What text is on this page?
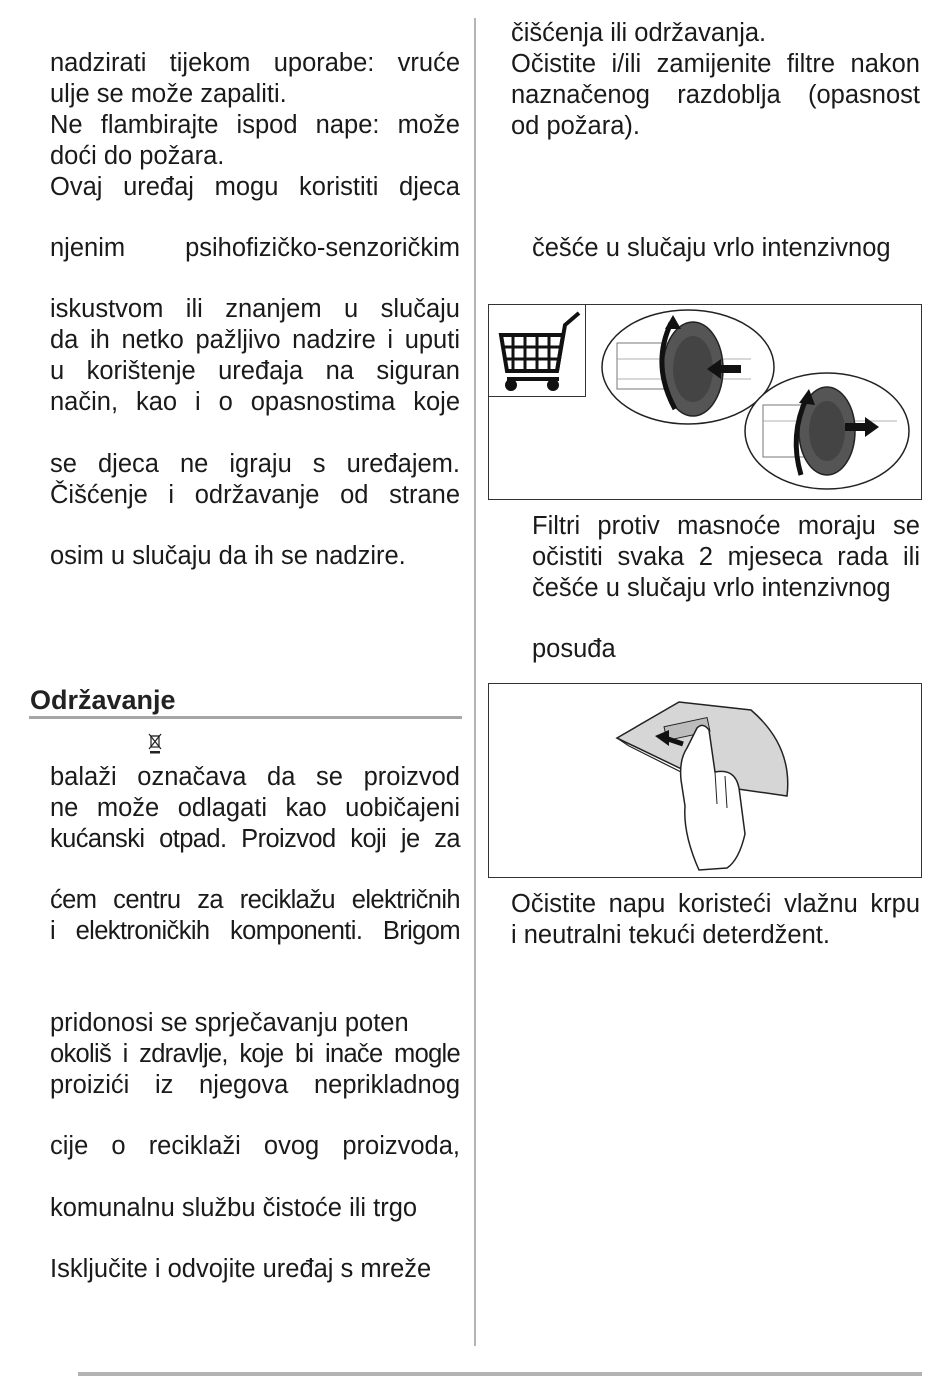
nadzirati tijekom uporabe: vruće
ulje se može zapaliti.
Ne flambirajte ispod nape: može
doći do požara.
Ovaj uređaj mogu koristiti djeca
njenim psihofizičko-senzoričkim
iskustvom ili znanjem u slučaju
da ih netko pažljivo nadzire i uputi
u korištenje uređaja na siguran
način, kao i o opasnostima koje
se djeca ne igraju s uređajem.
Čišćenje i održavanje od strane
osim u slučaju da ih se nadzire.
Održavanje
balaži označava da se proizvod
ne može odlagati kao uobičajeni
kućanski otpad. Proizvod koji je za
ćem centru za reciklažu električnih
i elektroničkih komponenti. Brigom
pridonosi se sprječavanju poten
okoliš i zdravlje, koje bi inače mogle
proizići iz njegova neprikladnog
cije o reciklaži ovog proizvoda,
komunalnu službu čistoće ili trgo
Isključite i odvojite uređaj s mreže
čišćenja ili održavanja.
Očistite i/ili zamijenite filtre nakon
naznačenog razdoblja (opasnost
od požara).
češće u slučaju vrlo intenzivnog
Filtri protiv masnoće moraju se
očistiti svaka 2 mjeseca rada ili
češće u slučaju vrlo intenzivnog
posuđa
Očistite napu koristeći vlažnu krpu
i neutralni tekući deterdžent.
